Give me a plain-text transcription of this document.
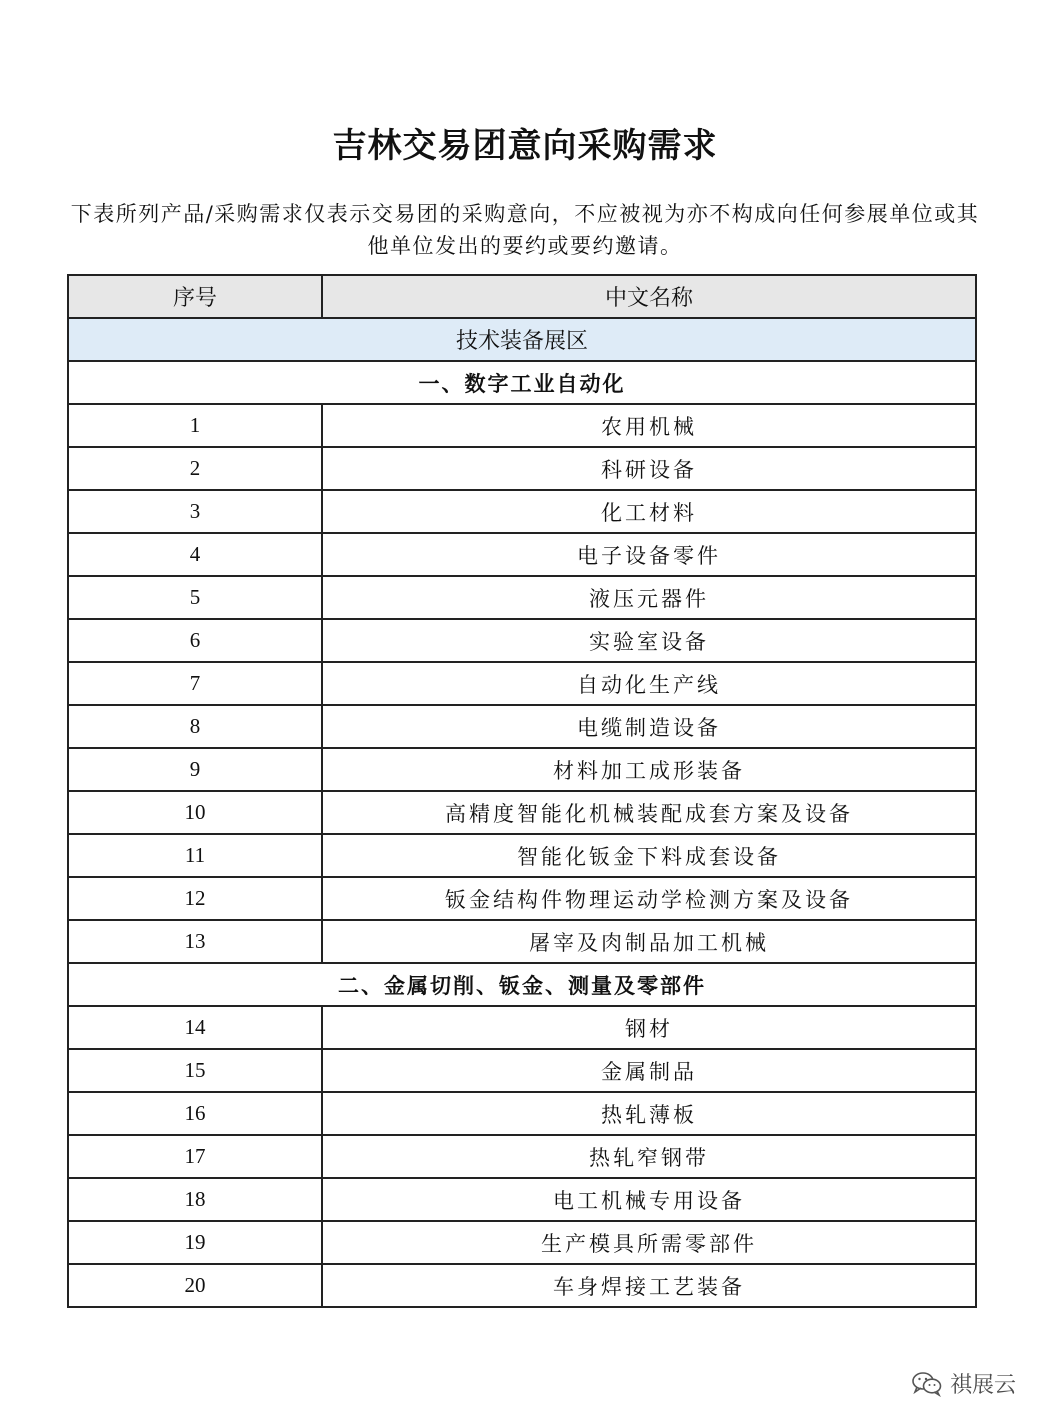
吉林交易团意向采购需求
下表所列产品/采购需求仅表示交易团的采购意向，不应被视为亦不构成向任何参展单位或其他单位发出的要约或要约邀请。
序号	中文名称
技术装备展区	
一、数字工业自动化	
1	农用机械
2	科研设备
3	化工材料
4	电子设备零件
5	液压元器件
6	实验室设备
7	自动化生产线
8	电缆制造设备
9	材料加工成形装备
10	高精度智能化机械装配成套方案及设备
11	智能化钣金下料成套设备
12	钣金结构件物理运动学检测方案及设备
13	屠宰及肉制品加工机械
二、金属切削、钣金、测量及零部件	
14	钢材
15	金属制品
16	热轧薄板
17	热轧窄钢带
18	电工机械专用设备
19	生产模具所需零部件
20	车身焊接工艺装备
祺展云
